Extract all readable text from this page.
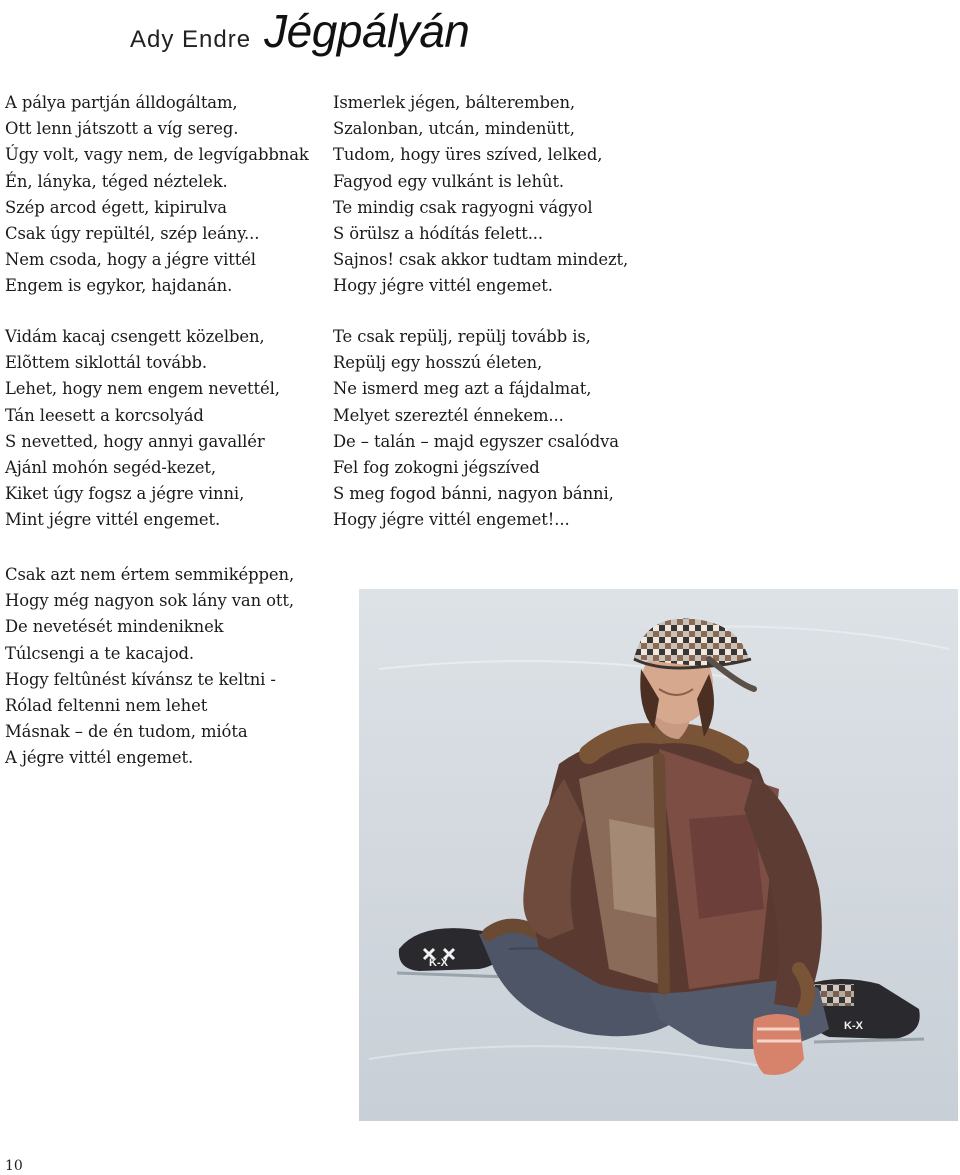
Ady Endre Jégpályán
A pálya partján álldogáltam,
Ott lenn játszott a víg sereg.
Úgy volt, vagy nem, de legvígabbnak
Én, lányka, téged néztelek.
Szép arcod égett, kipirulva
Csak úgy repültél, szép leány...
Nem csoda, hogy a jégre vittél
Engem is egykor, hajdanán.
Vidám kacaj csengett közelben,
Elõttem siklottál tovább.
Lehet, hogy nem engem nevettél,
Tán leesett a korcsolyád
S nevetted, hogy annyi gavallér
Ajánl mohón segéd-kezet,
Kiket úgy fogsz a jégre vinni,
Mint jégre vittél engemet.
Csak azt nem értem semmiképpen,
Hogy még nagyon sok lány van ott,
De nevetését mindeniknek
Túlcsengi a te kacajod.
Hogy feltûnést kívánsz te keltni -
Rólad feltenni nem lehet
Másnak – de én tudom, mióta
A jégre vittél engemet.
Ismerlek jégen, bálteremben,
Szalonban, utcán, mindenütt,
Tudom, hogy üres szíved, lelked,
Fagyod egy vulkánt is lehût.
Te mindig csak ragyogni vágyol
S örülsz a hódítás felett...
Sajnos! csak akkor tudtam mindezt,
Hogy jégre vittél engemet.
Te csak repülj, repülj tovább is,
Repülj egy hosszú életen,
Ne ismerd meg azt a fájdalmat,
Melyet szereztél énnekem...
De – talán – majd egyszer csalódva
Fel fog zokogni jégszíved
S meg fogod bánni, nagyon bánni,
Hogy jégre vittél engemet!...
K-X
K-X
10
